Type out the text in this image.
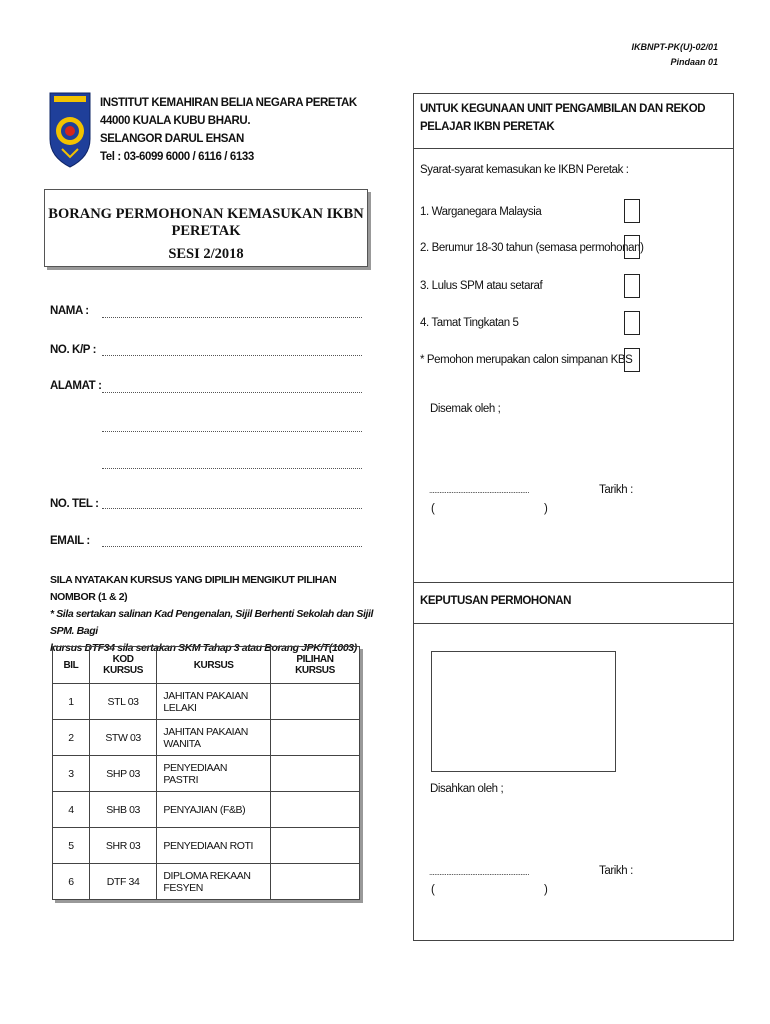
IKBNPT-PK(U)-02/01
Pindaan 01
INSTITUT KEMAHIRAN BELIA NEGARA PERETAK
44000 KUALA KUBU BHARU.
SELANGOR DARUL EHSAN
Tel : 03-6099 6000 / 6116 / 6133
BORANG PERMOHONAN KEMASUKAN IKBN PERETAK
SESI 2/2018
NAMA :
NO. K/P :
ALAMAT :
NO. TEL :
EMAIL :
SILA NYATAKAN KURSUS YANG DIPILIH MENGIKUT PILIHAN NOMBOR (1 & 2)
* Sila sertakan salinan Kad Pengenalan, Sijil Berhenti Sekolah dan Sijil SPM. Bagi
kursus DTF34 sila sertakan SKM Tahap 3 atau Borang JPK/T(1003)
BIL	KOD KURSUS	KURSUS	PILIHAN KURSUS
1	STL 03	JAHITAN PAKAIAN LELAKI	
2	STW 03	JAHITAN PAKAIAN WANITA	
3	SHP 03	PENYEDIAAN PASTRI	
4	SHB 03	PENYAJIAN (F&B)	
5	SHR 03	PENYEDIAAN ROTI	
6	DTF 34	DIPLOMA REKAAN FESYEN	
UNTUK KEGUNAAN UNIT PENGAMBILAN DAN REKOD PELAJAR IKBN PERETAK
Syarat-syarat kemasukan ke IKBN Peretak :
1. Warganegara Malaysia
2. Berumur 18-30 tahun (semasa permohonan)
3. Lulus SPM atau setaraf
4. Tamat Tingkatan 5
* Pemohon merupakan calon simpanan KBS
Disemak oleh ;
..........................................................	Tarikh :
(	)
KEPUTUSAN PERMOHONAN
Disahkan oleh ;
..........................................................	Tarikh :
(	)
